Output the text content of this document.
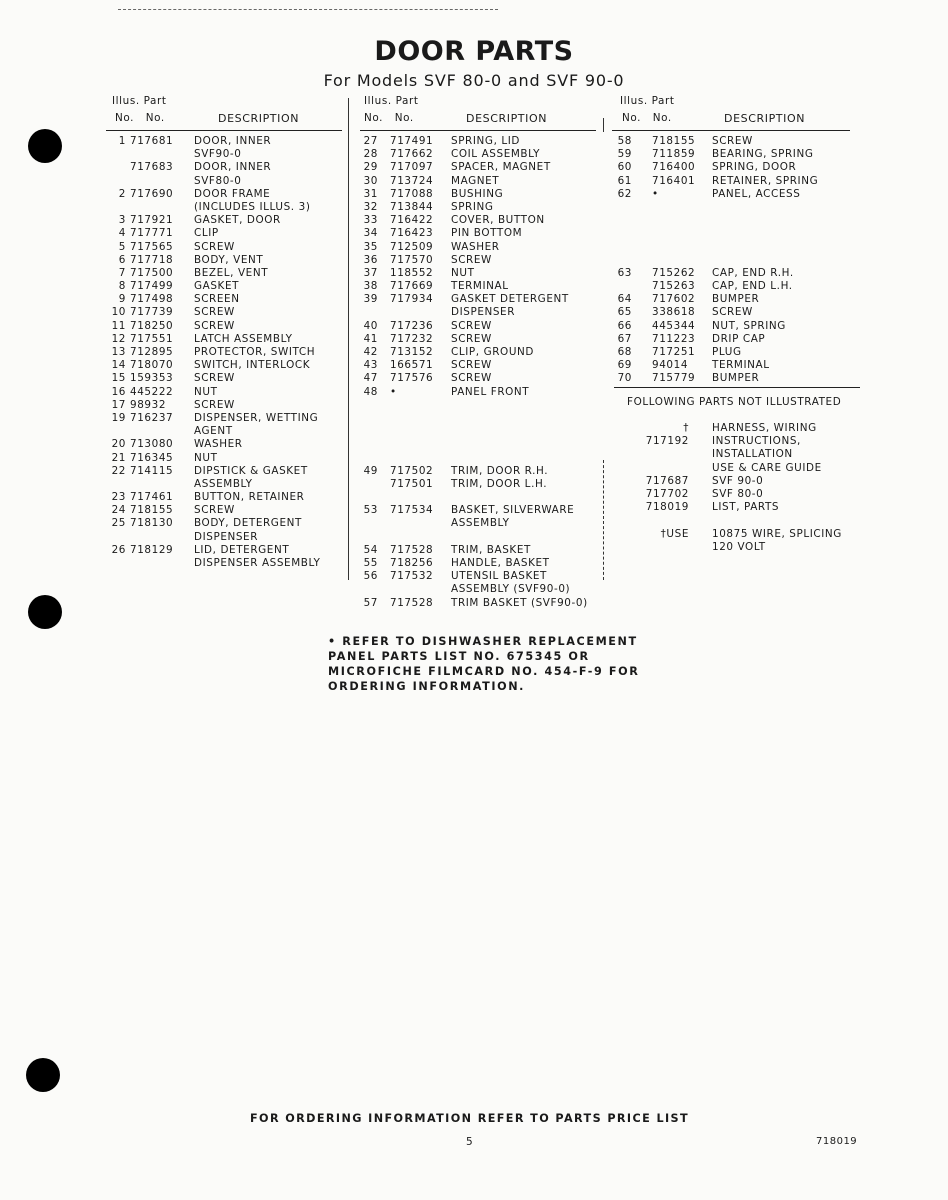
DOOR PARTS
For Models SVF 80-0 and SVF 90-0
Illus. Part
No.   No.	DESCRIPTION
1 717681 DOOR, INNER
SVF90-0
717683 DOOR, INNER
SVF80-0
2 717690 DOOR FRAME
(INCLUDES ILLUS. 3)
3 717921 GASKET, DOOR
4 717771 CLIP
5 717565 SCREW
6 717718 BODY, VENT
7 717500 BEZEL, VENT
8 717499 GASKET
9 717498 SCREEN
10 717739 SCREW
11 718250 SCREW
12 717551 LATCH ASSEMBLY
13 712895 PROTECTOR, SWITCH
14 718070 SWITCH, INTERLOCK
15 159353 SCREW
16 445222 NUT
17 98932	SCREW
19 716237 DISPENSER, WETTING
AGENT
20 713080 WASHER
21 716345 NUT
22 714115 DIPSTICK & GASKET
ASSEMBLY
23 717461 BUTTON, RETAINER
24 718155 SCREW
25 718130 BODY, DETERGENT
DISPENSER
26 718129 LID, DETERGENT
DISPENSER ASSEMBLY
Illus. Part
No.   No.	DESCRIPTION
27 717491 SPRING, LID
28 717662 COIL ASSEMBLY
29 717097 SPACER, MAGNET
30 713724 MAGNET
31 717088 BUSHING
32 713844 SPRING
33 716422 COVER, BUTTON
34 716423 PIN BOTTOM
35 712509 WASHER
36 717570 SCREW
37 118552 NUT
38 717669 TERMINAL
39 717934 GASKET DETERGENT
DISPENSER
40 717236 SCREW
41 717232 SCREW
42 713152 CLIP, GROUND
43 166571 SCREW
47 717576 SCREW
48 •	PANEL FRONT
49 717502 TRIM, DOOR R.H.
717501 TRIM, DOOR L.H.
53 717534 BASKET, SILVERWARE
ASSEMBLY
54 717528 TRIM, BASKET
55 718256 HANDLE, BASKET
56 717532 UTENSIL BASKET
ASSEMBLY (SVF90-0)
57 717528 TRIM BASKET (SVF90-0)
Illus. Part
No.   No.	DESCRIPTION
58 718155 SCREW
59 711859 BEARING, SPRING
60 716400 SPRING, DOOR
61 716401 RETAINER, SPRING
62 •	PANEL, ACCESS
63 715262 CAP, END R.H.
715263 CAP, END L.H.
64 717602 BUMPER
65 338618 SCREW
66 445344 NUT, SPRING
67 711223 DRIP CAP
68 717251 PLUG
69 94014 TERMINAL
70 715779 BUMPER
FOLLOWING PARTS NOT ILLUSTRATED
† HARNESS, WIRING
717192 INSTRUCTIONS,
INSTALLATION
USE & CARE GUIDE
717687 SVF 90-0
717702 SVF 80-0
718019 LIST, PARTS
†USE 10875 WIRE, SPLICING
120 VOLT
• REFER TO DISHWASHER REPLACEMENT
PANEL PARTS LIST NO. 675345 OR
MICROFICHE FILMCARD NO. 454-F-9 FOR
ORDERING INFORMATION.
FOR ORDERING INFORMATION REFER TO PARTS PRICE LIST
5	718019
